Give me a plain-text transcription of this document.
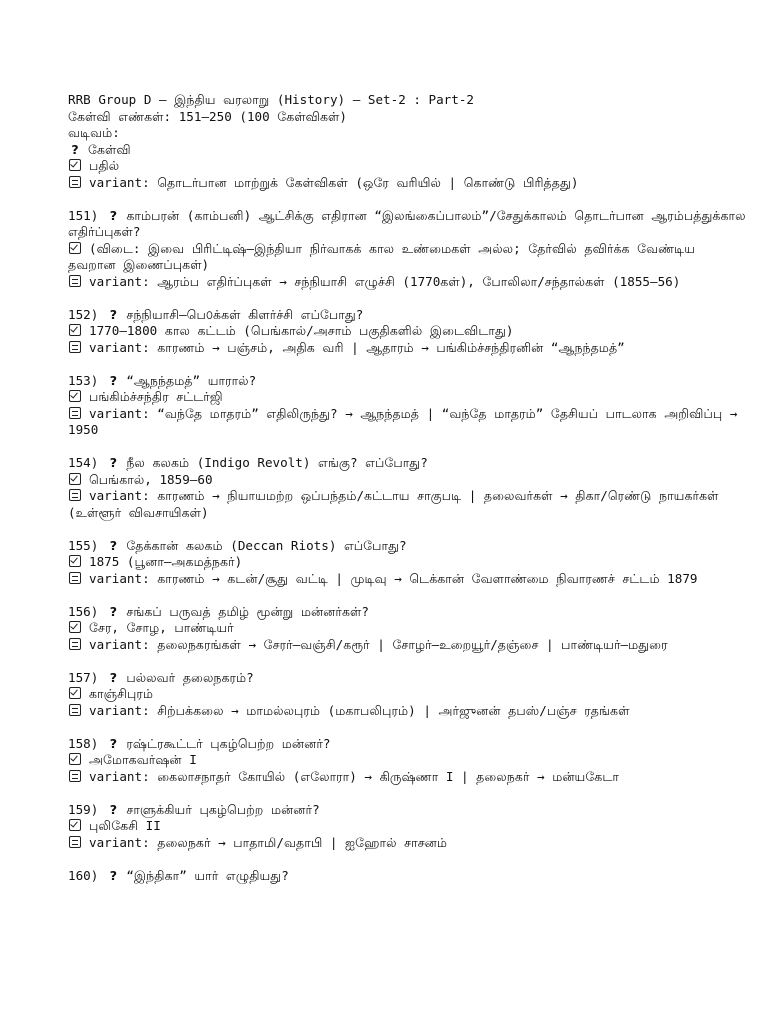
RRB Group D – இந்திய வரலாறு (History) – Set-2 : Part-2
கேள்வி எண்கள்: 151–250 (100 கேள்விகள்)
வடிவம்:
? கேள்வி
பதில்
variant: தொடர்பான மாற்றுக் கேள்விகள் (ஒரே வரியில் | கொண்டு பிரித்தது)
151) ? காம்பரன் (காம்பனி) ஆட்சிக்கு எதிரான “இலங்கைப்பாலம்”/சேதுக்காலம் தொடர்பான ஆரம்பத்துக்கால எதிர்ப்புகள்?
(விடை: இவை பிரிட்டிஷ்–இந்தியா நிர்வாகக் கால உண்மைகள் அல்ல; தேர்வில் தவிர்க்க வேண்டிய தவறான இணைப்புகள்)
variant: ஆரம்ப எதிர்ப்புகள் → சந்நியாசி எழுச்சி (1770கள்), போலிலா/சந்தால்கள் (1855–56)
152) ? சந்நியாசி–பெ௦க்கள் கிளர்ச்சி எப்போது?
1770–1800 கால கட்டம் (பெங்கால்/அசாம் பகுதிகளில் இடைவிடாது)
variant: காரணம் → பஞ்சம், அதிக வரி | ஆதாரம் → பங்கிம்ச்சந்திரனின் “ஆநந்தமத்”
153) ? “ஆநந்தமத்” யாரால்?
பங்கிம்ச்சந்திர சட்டர்ஜி
variant: “வந்தே மாதரம்” எதிலிருந்து? → ஆநந்தமத் | “வந்தே மாதரம்” தேசியப் பாடலாக அறிவிப்பு → 1950
154) ? நீல கலகம் (Indigo Revolt) எங்கு? எப்போது?
பெங்கால், 1859–60
variant: காரணம் → நியாயமற்ற ஒப்பந்தம்/கட்டாய சாகுபடி | தலைவர்கள் → திகா/ரெண்டு நாயகர்கள் (உள்ளூர் விவசாயிகள்)
155) ? தேக்கான் கலகம் (Deccan Riots) எப்போது?
1875 (பூனா–அகமத்நகர்)
variant: காரணம் → கடன்/சூது வட்டி | முடிவு → டெக்கான் வேளாண்மை நிவாரணச் சட்டம் 1879
156) ? சங்கப் பருவத் தமிழ் மூன்று மன்னர்கள்?
சேர, சோழ, பாண்டியர்
variant: தலைநகரங்கள் → சேரர்–வஞ்சி/கரூர் | சோழர்–உறையூர்/தஞ்சை | பாண்டியர்–மதுரை
157) ? பல்லவர் தலைநகரம்?
காஞ்சிபுரம்
variant: சிற்பக்கலை → மாமல்லபுரம் (மகாபலிபுரம்) | அர்ஜுனன் தபஸ்/பஞ்ச ரதங்கள்
158) ? ரஷ்ட்ரகூட்டர் புகழ்பெற்ற மன்னர்?
அமோகவர்ஷன் I
variant: கைலாசநாதர் கோயில் (எலோரா) → கிருஷ்ணா I | தலைநகர் → மன்யகேடா
159) ? சாளுக்கியர் புகழ்பெற்ற மன்னர்?
புலிகேசி II
variant: தலைநகர் → பாதாமி/வதாபி | ஐஹோல் சாசனம்
160) ? “இந்திகா” யார் எழுதியது?
